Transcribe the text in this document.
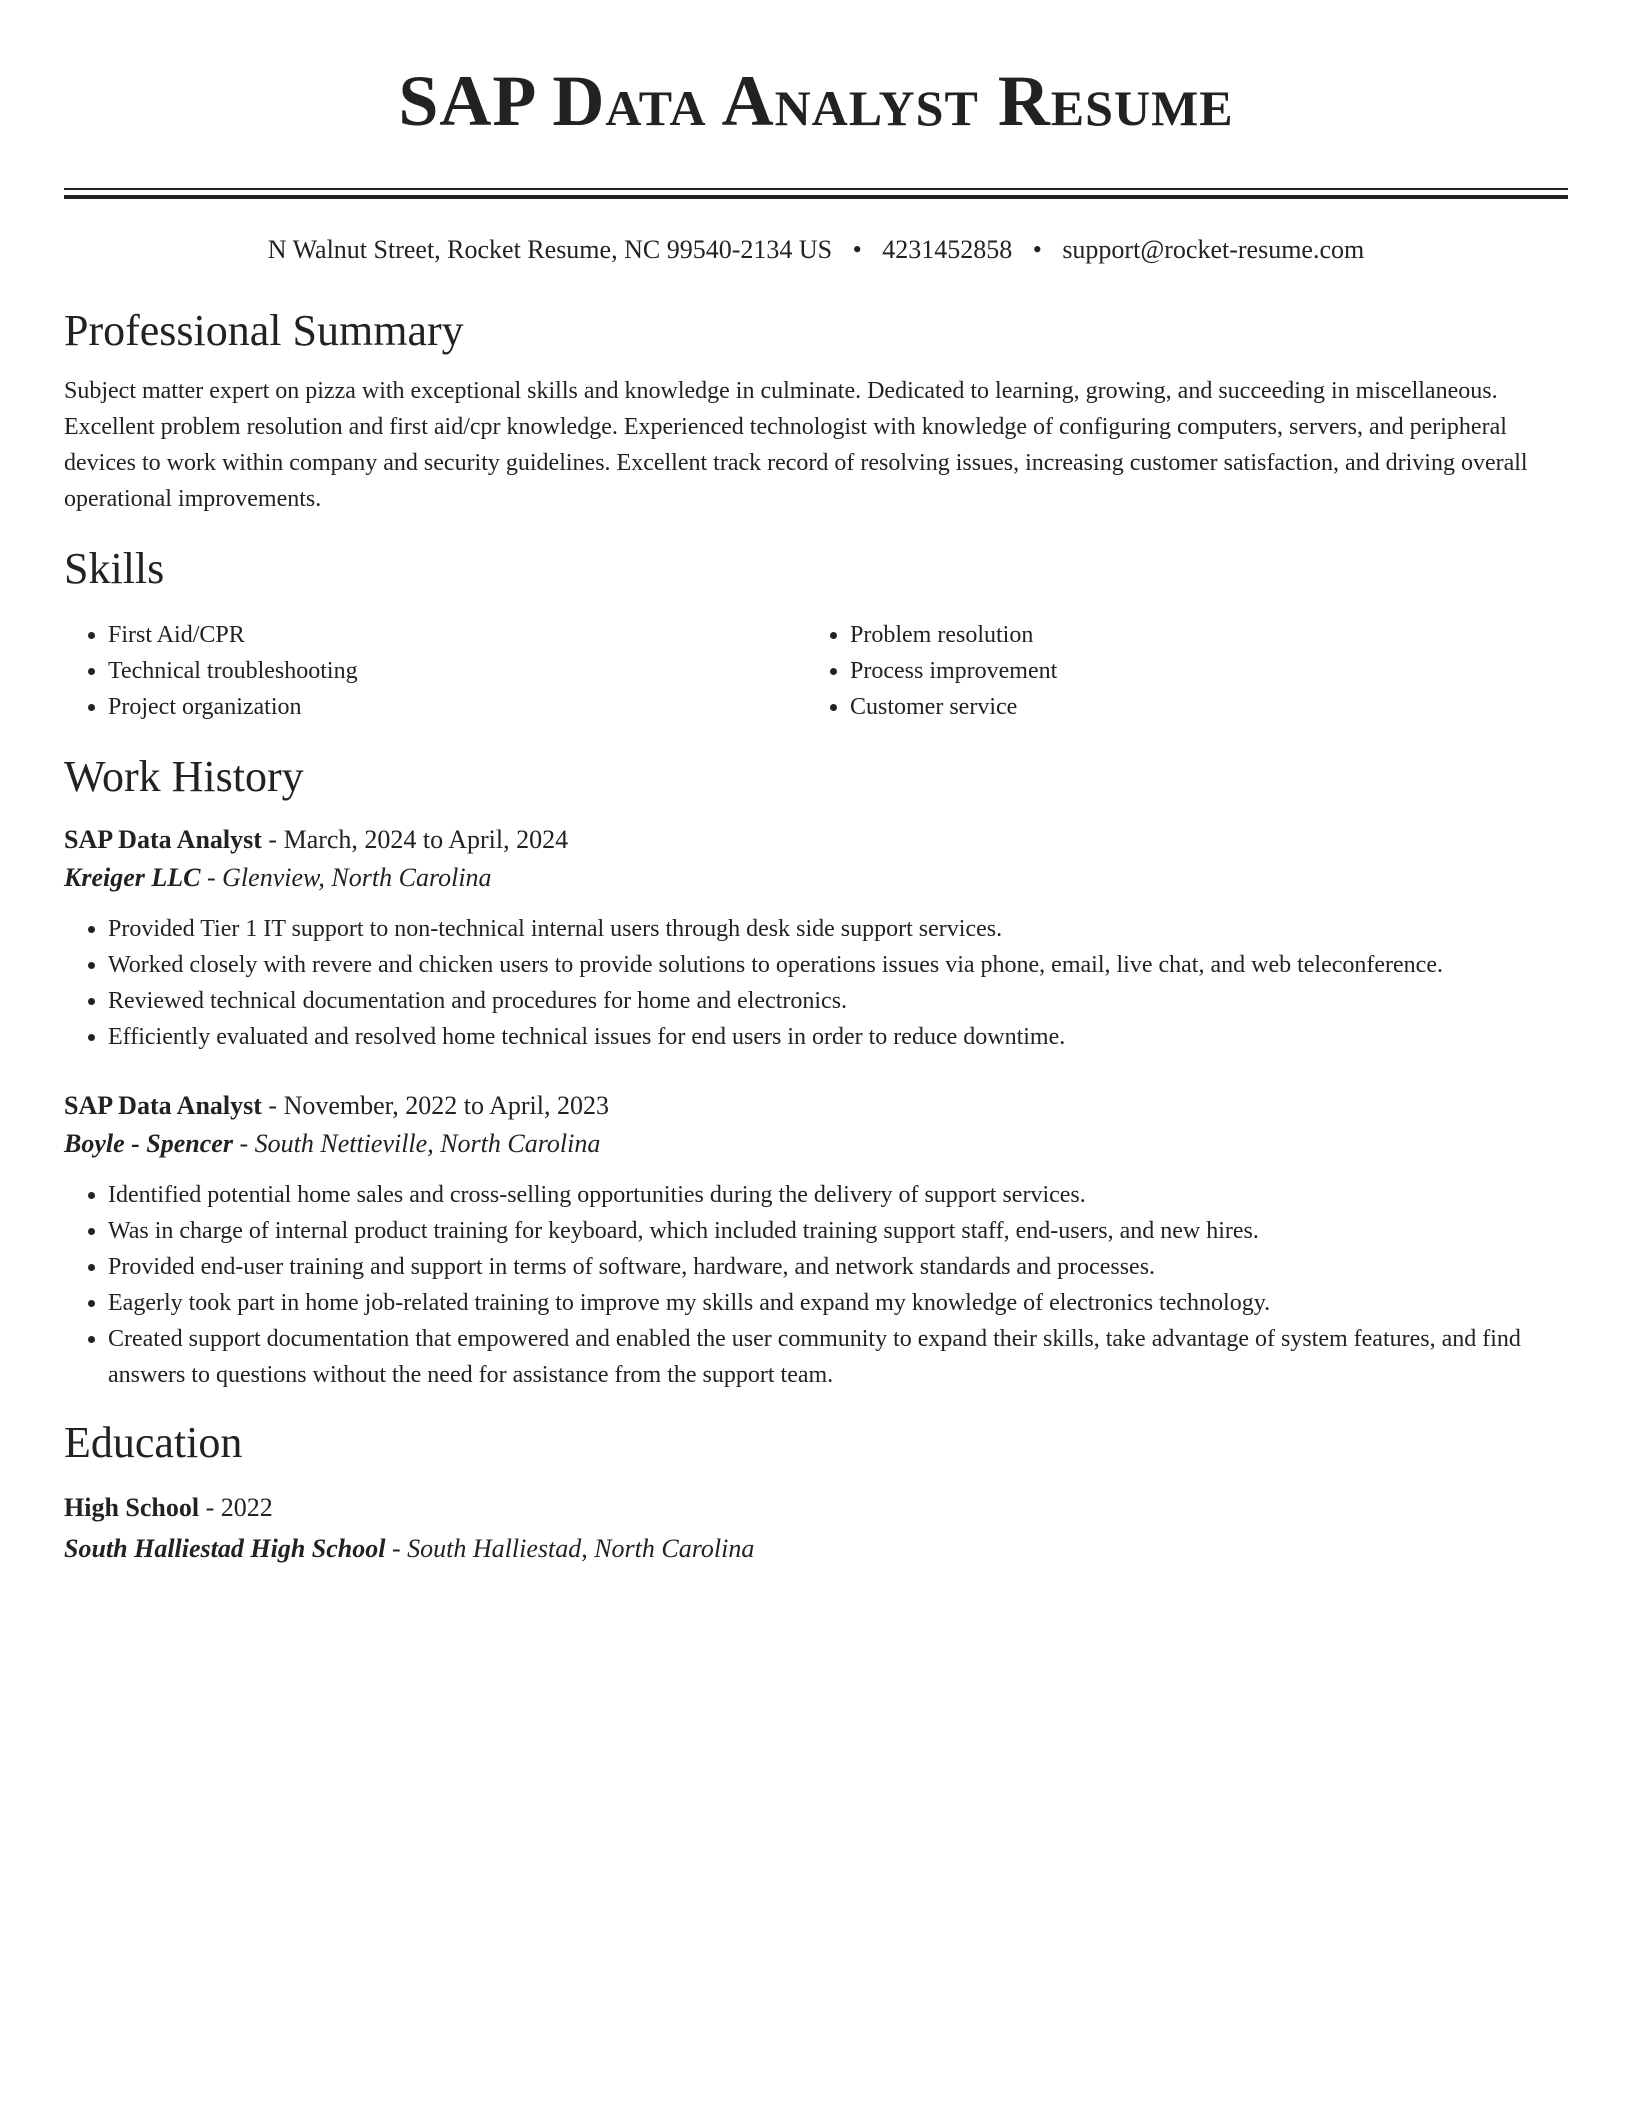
SAP Data Analyst Resume
N Walnut Street, Rocket Resume, NC 99540-2134 US • 4231452858 • support@rocket-resume.com
Professional Summary

Subject matter expert on pizza with exceptional skills and knowledge in culminate. Dedicated to learning, growing, and succeeding in miscellaneous. Excellent problem resolution and first aid/cpr knowledge. Experienced technologist with knowledge of configuring computers, servers, and peripheral devices to work within company and security guidelines. Excellent track record of resolving issues, increasing customer satisfaction, and driving overall operational improvements.

Skills
• First Aid/CPR
• Technical troubleshooting
• Project organization
• Problem resolution
• Process improvement
• Customer service
Work History
SAP Data Analyst - March, 2024 to April, 2024
Kreiger LLC - Glenview, North Carolina
• Provided Tier 1 IT support to non-technical internal users through desk side support services.
• Worked closely with revere and chicken users to provide solutions to operations issues via phone, email, live chat, and web teleconference.
• Reviewed technical documentation and procedures for home and electronics.
• Efficiently evaluated and resolved home technical issues for end users in order to reduce downtime.
SAP Data Analyst - November, 2022 to April, 2023
Boyle - Spencer - South Nettieville, North Carolina
• Identified potential home sales and cross-selling opportunities during the delivery of support services.
• Was in charge of internal product training for keyboard, which included training support staff, end-users, and new hires.
• Provided end-user training and support in terms of software, hardware, and network standards and processes.
• Eagerly took part in home job-related training to improve my skills and expand my knowledge of electronics technology.
• Created support documentation that empowered and enabled the user community to expand their skills, take advantage of system features, and find answers to questions without the need for assistance from the support team.
Education
High School - 2022
South Halliestad High School - South Halliestad, North Carolina
